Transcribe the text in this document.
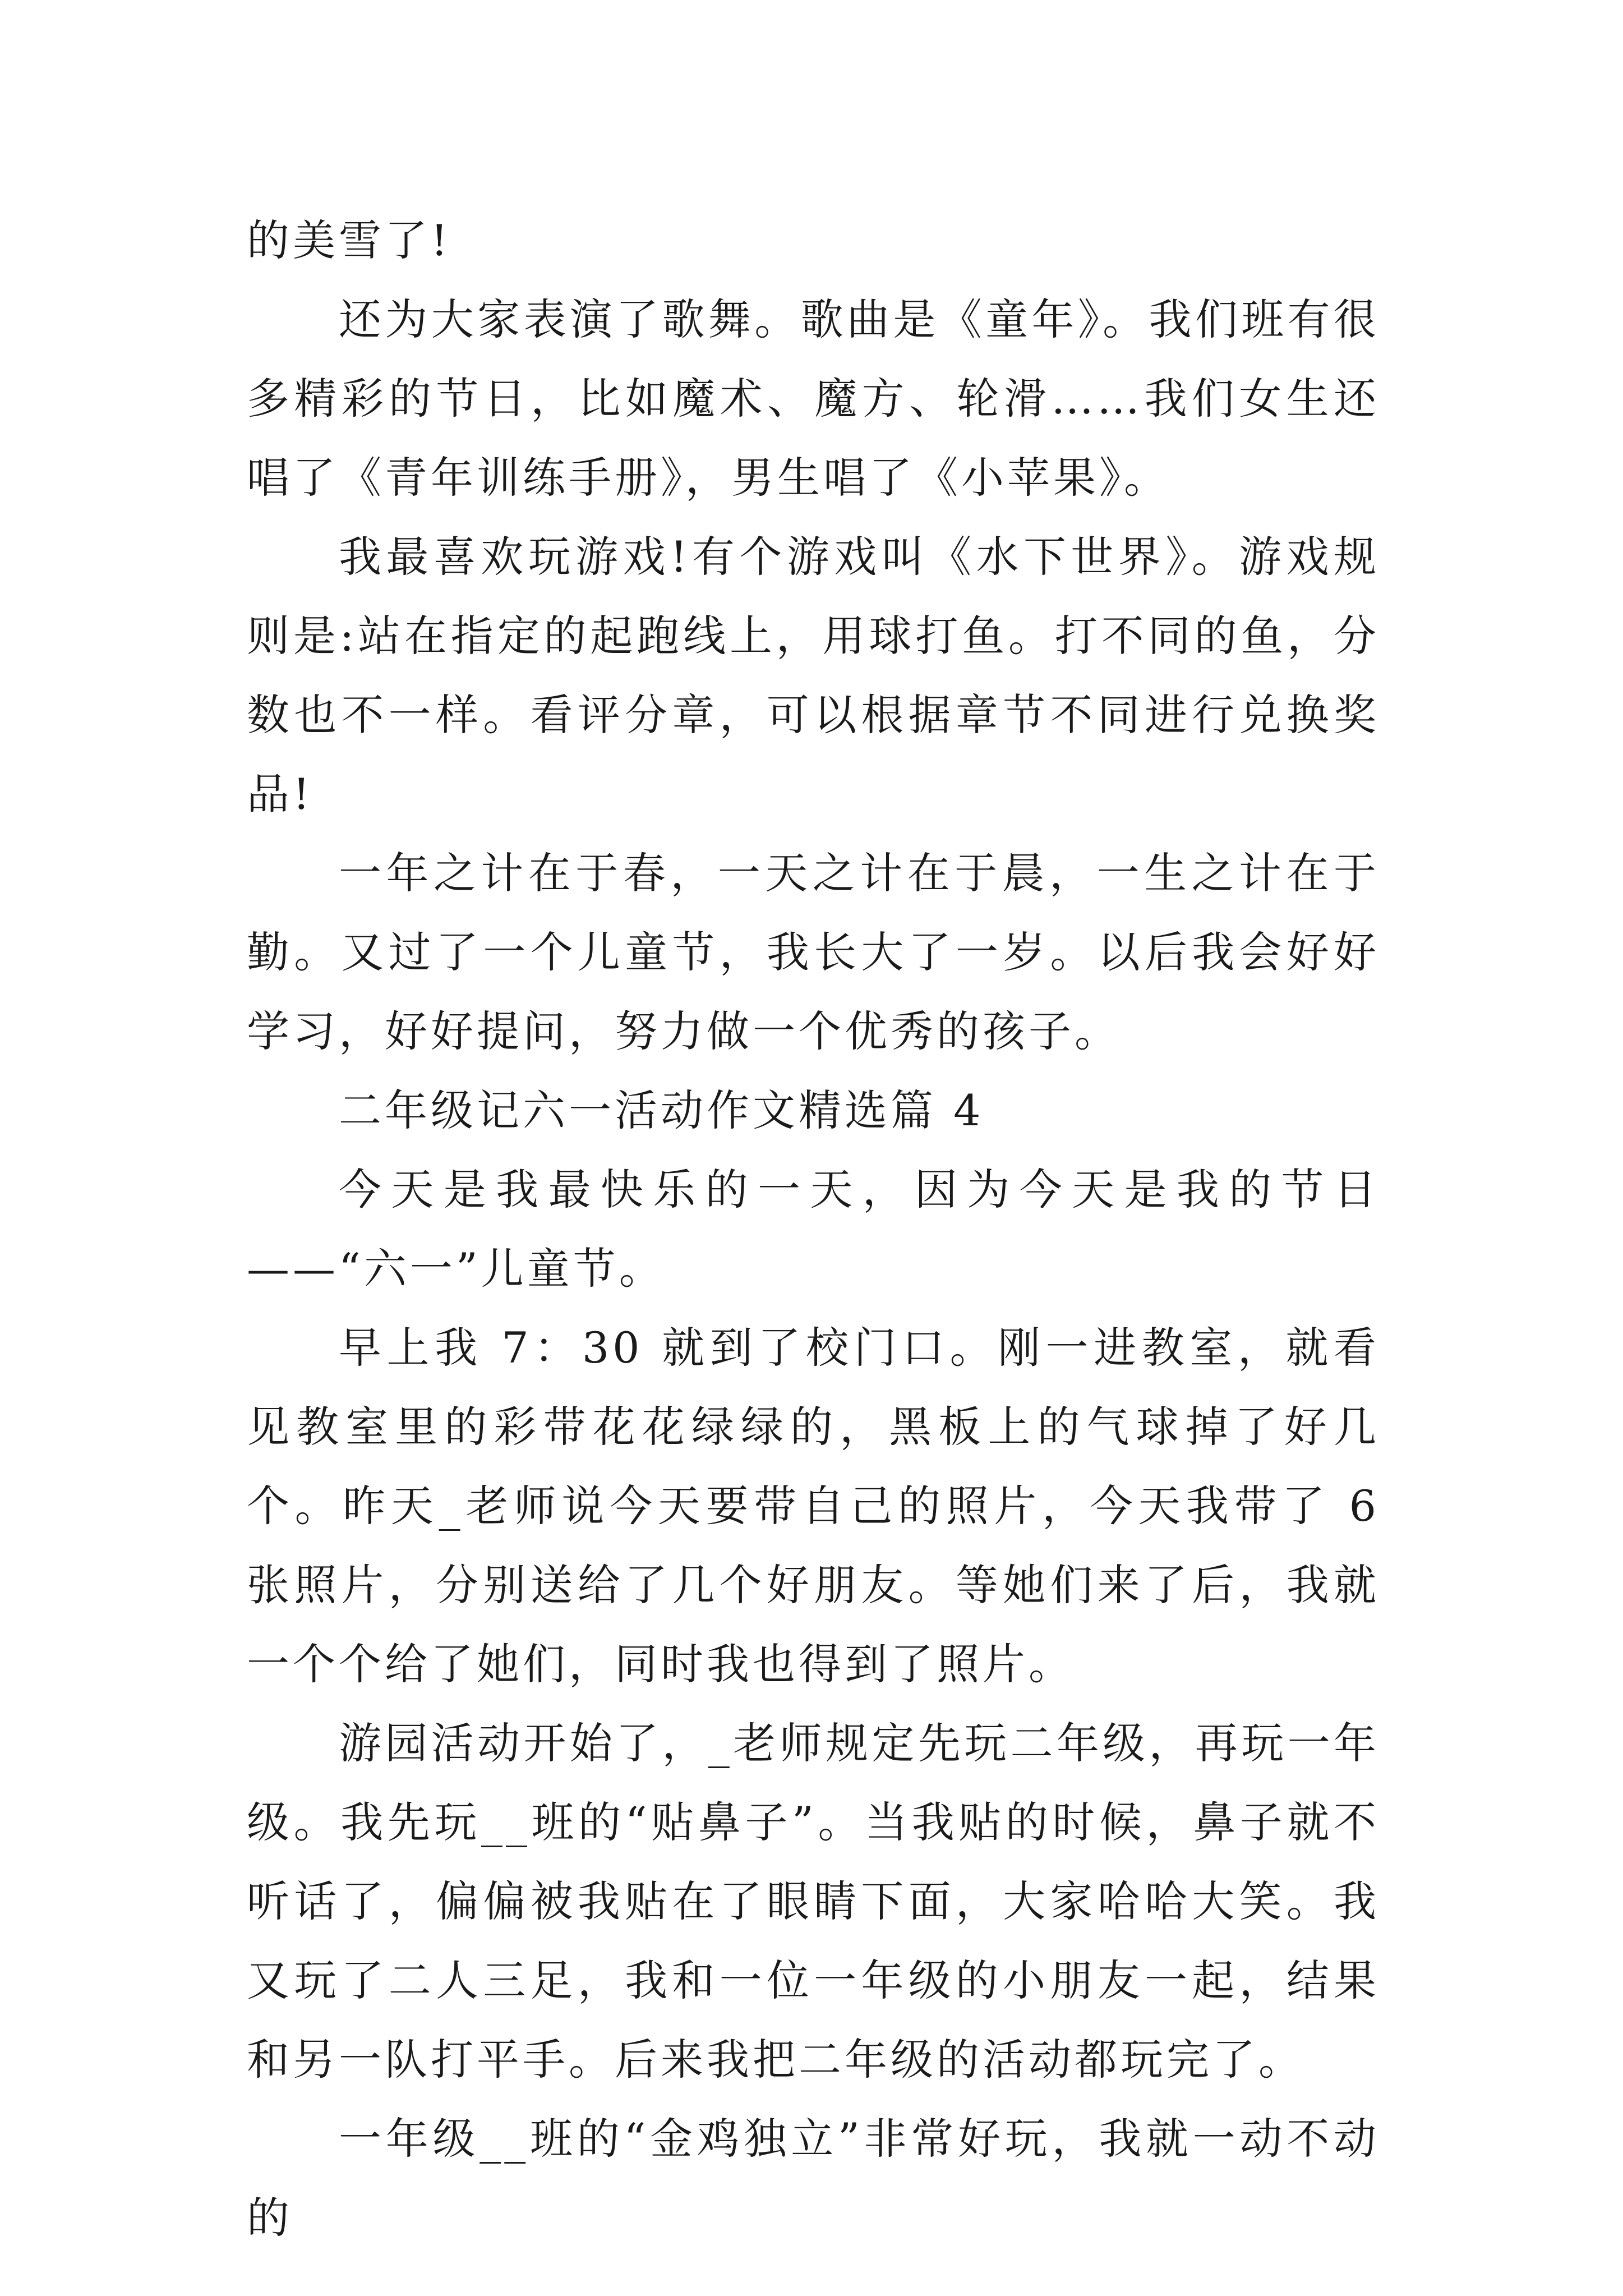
的美雪了!

还为大家表演了歌舞。歌曲是《童年》。我们班有很多精彩的节日，比如魔术、魔方、轮滑……我们女生还唱了《青年训练手册》，男生唱了《小苹果》。

我最喜欢玩游戏!有个游戏叫《水下世界》。游戏规则是:站在指定的起跑线上，用球打鱼。打不同的鱼，分数也不一样。看评分章，可以根据章节不同进行兑换奖品!

一年之计在于春，一天之计在于晨，一生之计在于勤。又过了一个儿童节，我长大了一岁。以后我会好好学习，好好提问，努力做一个优秀的孩子。

二年级记六一活动作文精选篇 4

今天是我最快乐的一天，因为今天是我的节日——“六一”儿童节。

早上我 7：30 就到了校门口。刚一进教室，就看见教室里的彩带花花绿绿的，黑板上的气球掉了好几个。昨天_老师说今天要带自己的照片，今天我带了 6 张照片，分别送给了几个好朋友。等她们来了后，我就一个个给了她们，同时我也得到了照片。

游园活动开始了，_老师规定先玩二年级，再玩一年级。我先玩__班的“贴鼻子”。当我贴的时候，鼻子就不听话了，偏偏被我贴在了眼睛下面，大家哈哈大笑。我又玩了二人三足，我和一位一年级的小朋友一起，结果和另一队打平手。后来我把二年级的活动都玩完了。

一年级__班的“金鸡独立”非常好玩，我就一动不动的
